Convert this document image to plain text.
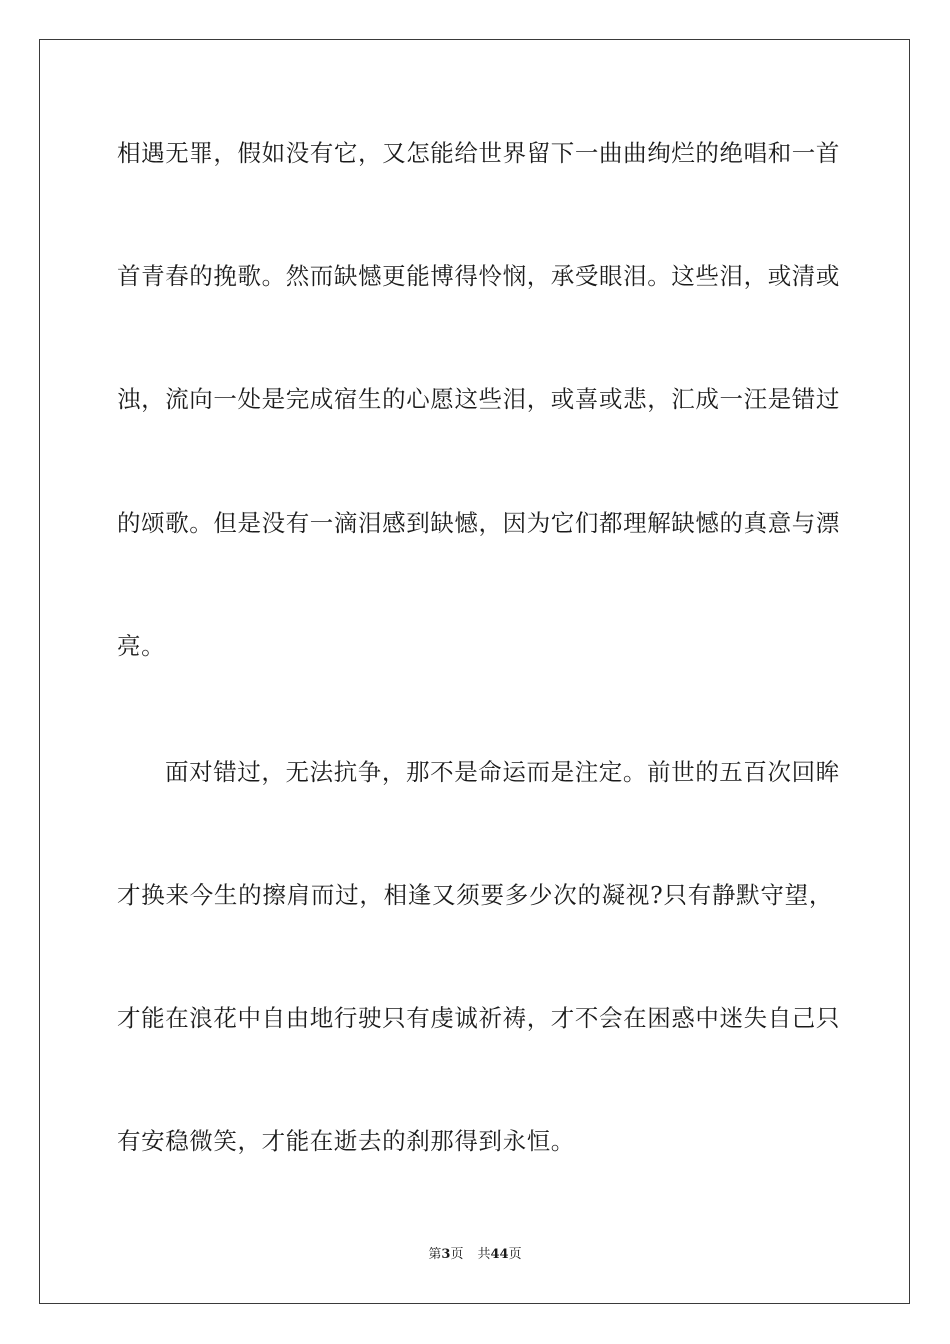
相遇无罪，假如没有它，又怎能给世界留下一曲曲绚烂的绝唱和一首

首青春的挽歌。然而缺憾更能博得怜悯，承受眼泪。这些泪，或清或

浊，流向一处是完成宿生的心愿这些泪，或喜或悲，汇成一汪是错过

的颂歌。但是没有一滴泪感到缺憾，因为它们都理解缺憾的真意与漂

亮。

面对错过，无法抗争，那不是命运而是注定。前世的五百次回眸

才换来今生的擦肩而过，相逢又须要多少次的凝视?只有静默守望，

才能在浪花中自由地行驶只有虔诚祈祷，才不会在困惑中迷失自己只

有安稳微笑，才能在逝去的刹那得到永恒。

第3页 共44页
